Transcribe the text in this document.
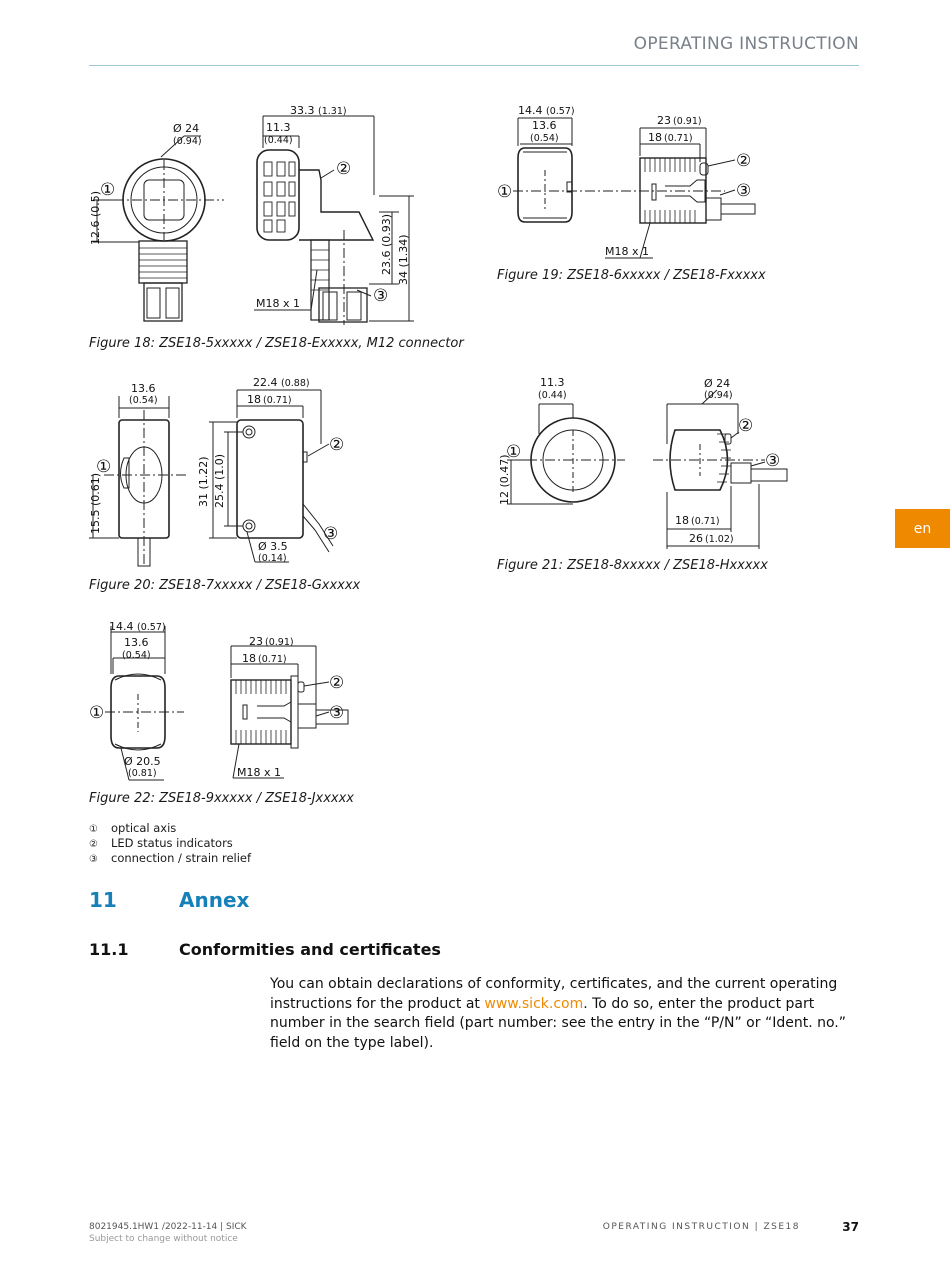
OPERATING INSTRUCTION
en
Ø 24
(0.94)
33.3 (1.31)
11.3
(0.44)
12.6 (0.5)	23.6 (0.93) 34 (1.34)
M18 x 1
①
②
③
Figure 18: ZSE18-5xxxxx / ZSE18-Exxxxx, M12 connector
14.4 (0.57)
13.6
(0.54)
23 (0.91)
18 (0.71)
M18 x 1
①
②
③
Figure 19: ZSE18-6xxxxx / ZSE18-Fxxxxx
13.6
(0.54)
22.4 (0.88)
18 (0.71)
15.5 (0.61)	31 (1.22) 25.4 (1.0)
Ø 3.5
(0.14)
①
②
③
Figure 20: ZSE18-7xxxxx / ZSE18-Gxxxxx
11.3
(0.44)
Ø 24
(0.94)
12 (0.47)
18 (0.71)
26 (1.02)
①
②
③
Figure 21: ZSE18-8xxxxx / ZSE18-Hxxxxx
14.4 (0.57)
13.6
(0.54)
23 (0.91)
18 (0.71)
Ø 20.5
(0.81)	M18 x 1
①
②
③
Figure 22: ZSE18-9xxxxx / ZSE18-Jxxxxx
① optical axis
② LED status indicators
③ connection / strain relief
11	Annex
11.1	Conformities and certificates
You can obtain declarations of conformity, certificates, and the current operating instructions for the product at www.sick.com. To do so, enter the product part number in the search field (part number: see the entry in the “P/N” or “Ident. no.” field on the type label).
8021945.1HW1 /2022-11-14 | SICK
Subject to change without notice
OPERATING INSTRUCTION | ZSE18	37
